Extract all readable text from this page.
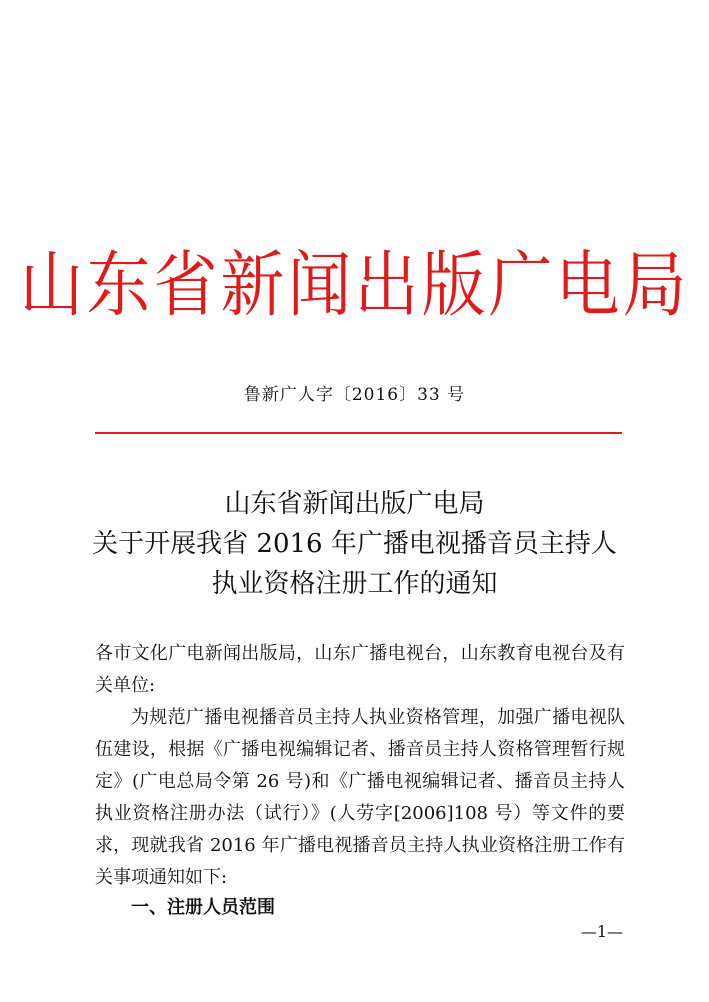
山东省新闻出版广电局
鲁新广人字〔2016〕33 号
山东省新闻出版广电局
关于开展我省 2016 年广播电视播音员主持人
执业资格注册工作的通知

各市文化广电新闻出版局，山东广播电视台，山东教育电视台及有关单位:

为规范广播电视播音员主持人执业资格管理，加强广播电视队伍建设，根据《广播电视编辑记者、播音员主持人资格管理暂行规定》(广电总局令第 26 号)和《广播电视编辑记者、播音员主持人执业资格注册办法（试行）》(人劳字[2006]108 号）等文件的要求，现就我省 2016 年广播电视播音员主持人执业资格注册工作有关事项通知如下:

一、注册人员范围
—1—
